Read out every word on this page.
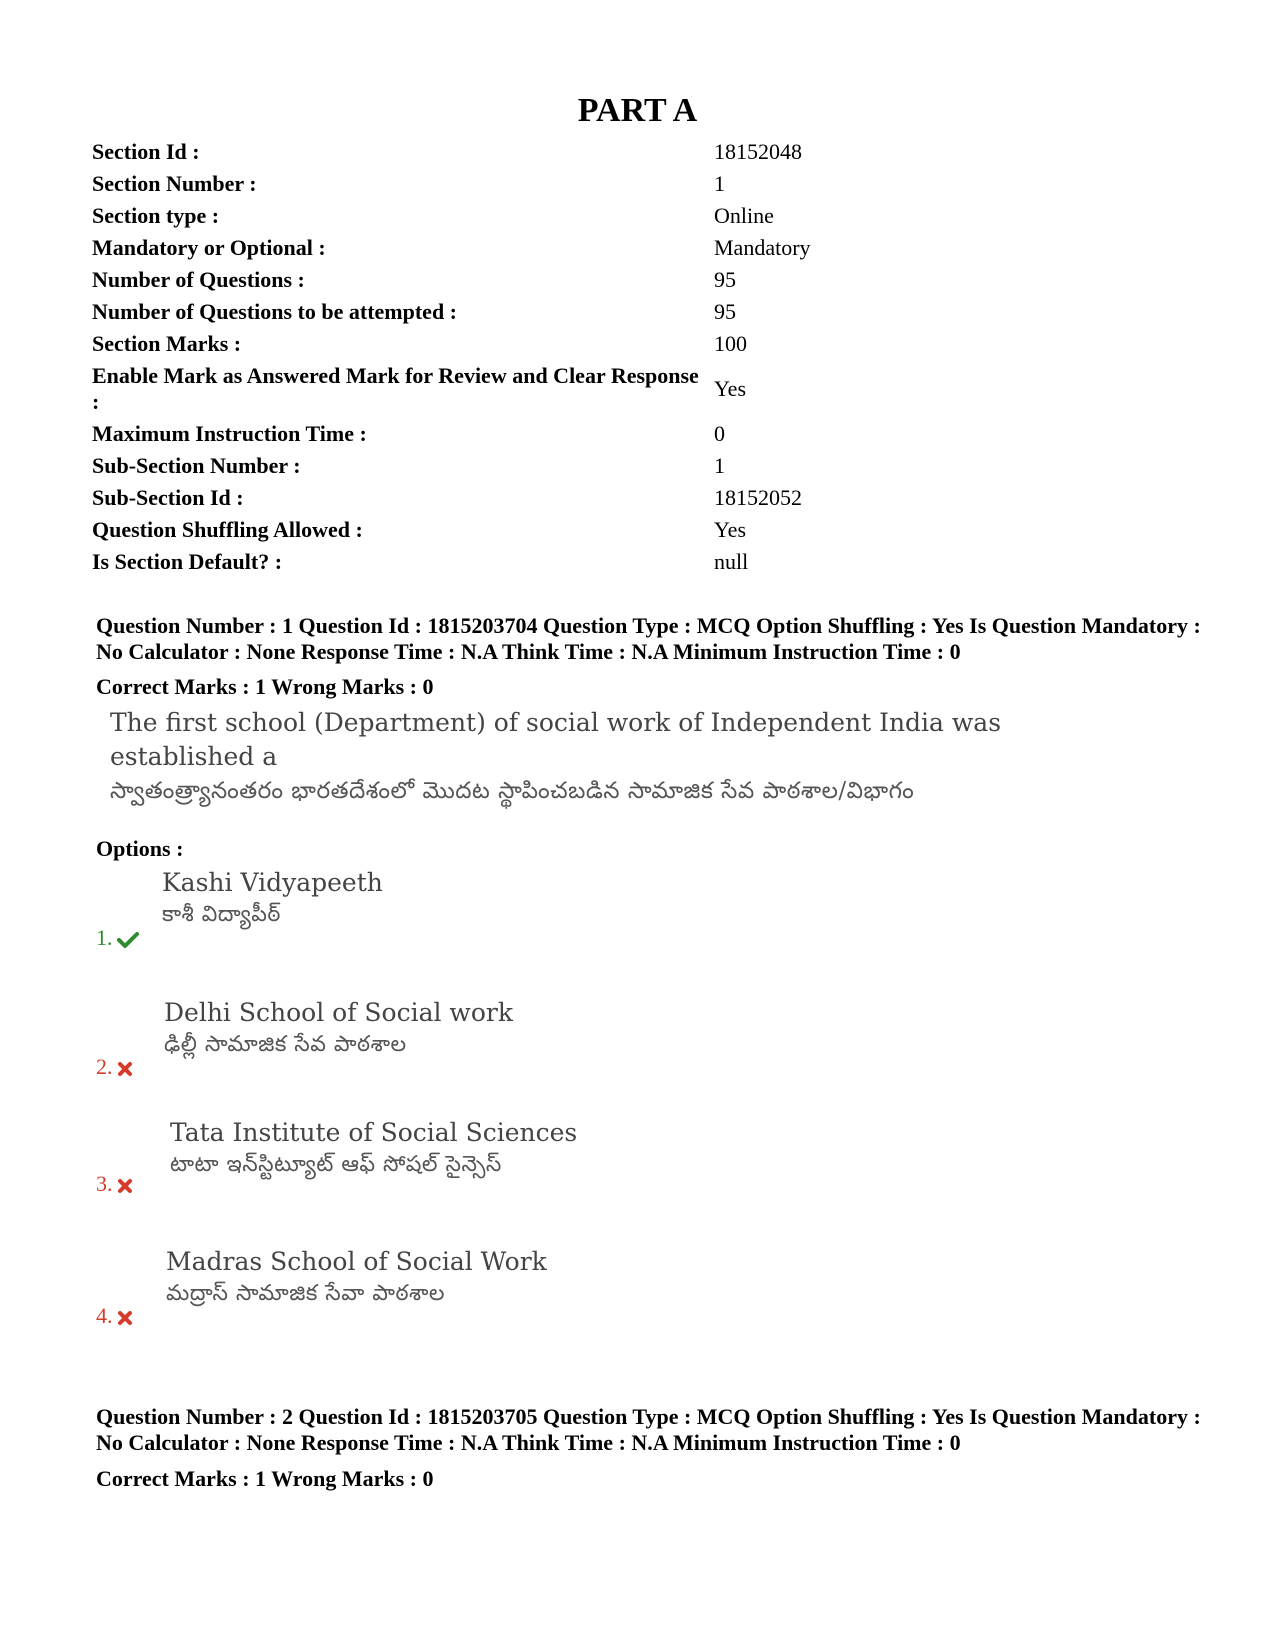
PART A
Section Id :	18152048
Section Number :	1
Section type :	Online
Mandatory or Optional :	Mandatory
Number of Questions :	95
Number of Questions to be attempted :	95
Section Marks :	100
Enable Mark as Answered Mark for Review and Clear Response :	Yes
Maximum Instruction Time :	0
Sub-Section Number :	1
Sub-Section Id :	18152052
Question Shuffling Allowed :	Yes
Is Section Default? :	null
Question Number : 1 Question Id : 1815203704 Question Type : MCQ Option Shuffling : Yes Is Question Mandatory : No Calculator : None Response Time : N.A Think Time : N.A Minimum Instruction Time : 0
Correct Marks : 1 Wrong Marks : 0
The first school (Department) of social work of Independent India was established a
స్వాతంత్ర్యానంతరం భారతదేశంలో మొదట స్థాపించబడిన సామాజిక సేవ పాఠశాల/విభాగం
Options :
Kashi Vidyapeeth
కాశీ విద్యాపీఠ్
1.
Delhi School of Social work
ఢిల్లీ సామాజిక సేవ పాఠశాల
2.
Tata Institute of Social Sciences
టాటా ఇన్‌స్టిట్యూట్ ఆఫ్ సోషల్ సైన్సెస్
3.
Madras School of Social Work
మద్రాస్ సామాజిక సేవా పాఠశాల
4.
Question Number : 2 Question Id : 1815203705 Question Type : MCQ Option Shuffling : Yes Is Question Mandatory : No Calculator : None Response Time : N.A Think Time : N.A Minimum Instruction Time : 0
Correct Marks : 1 Wrong Marks : 0
